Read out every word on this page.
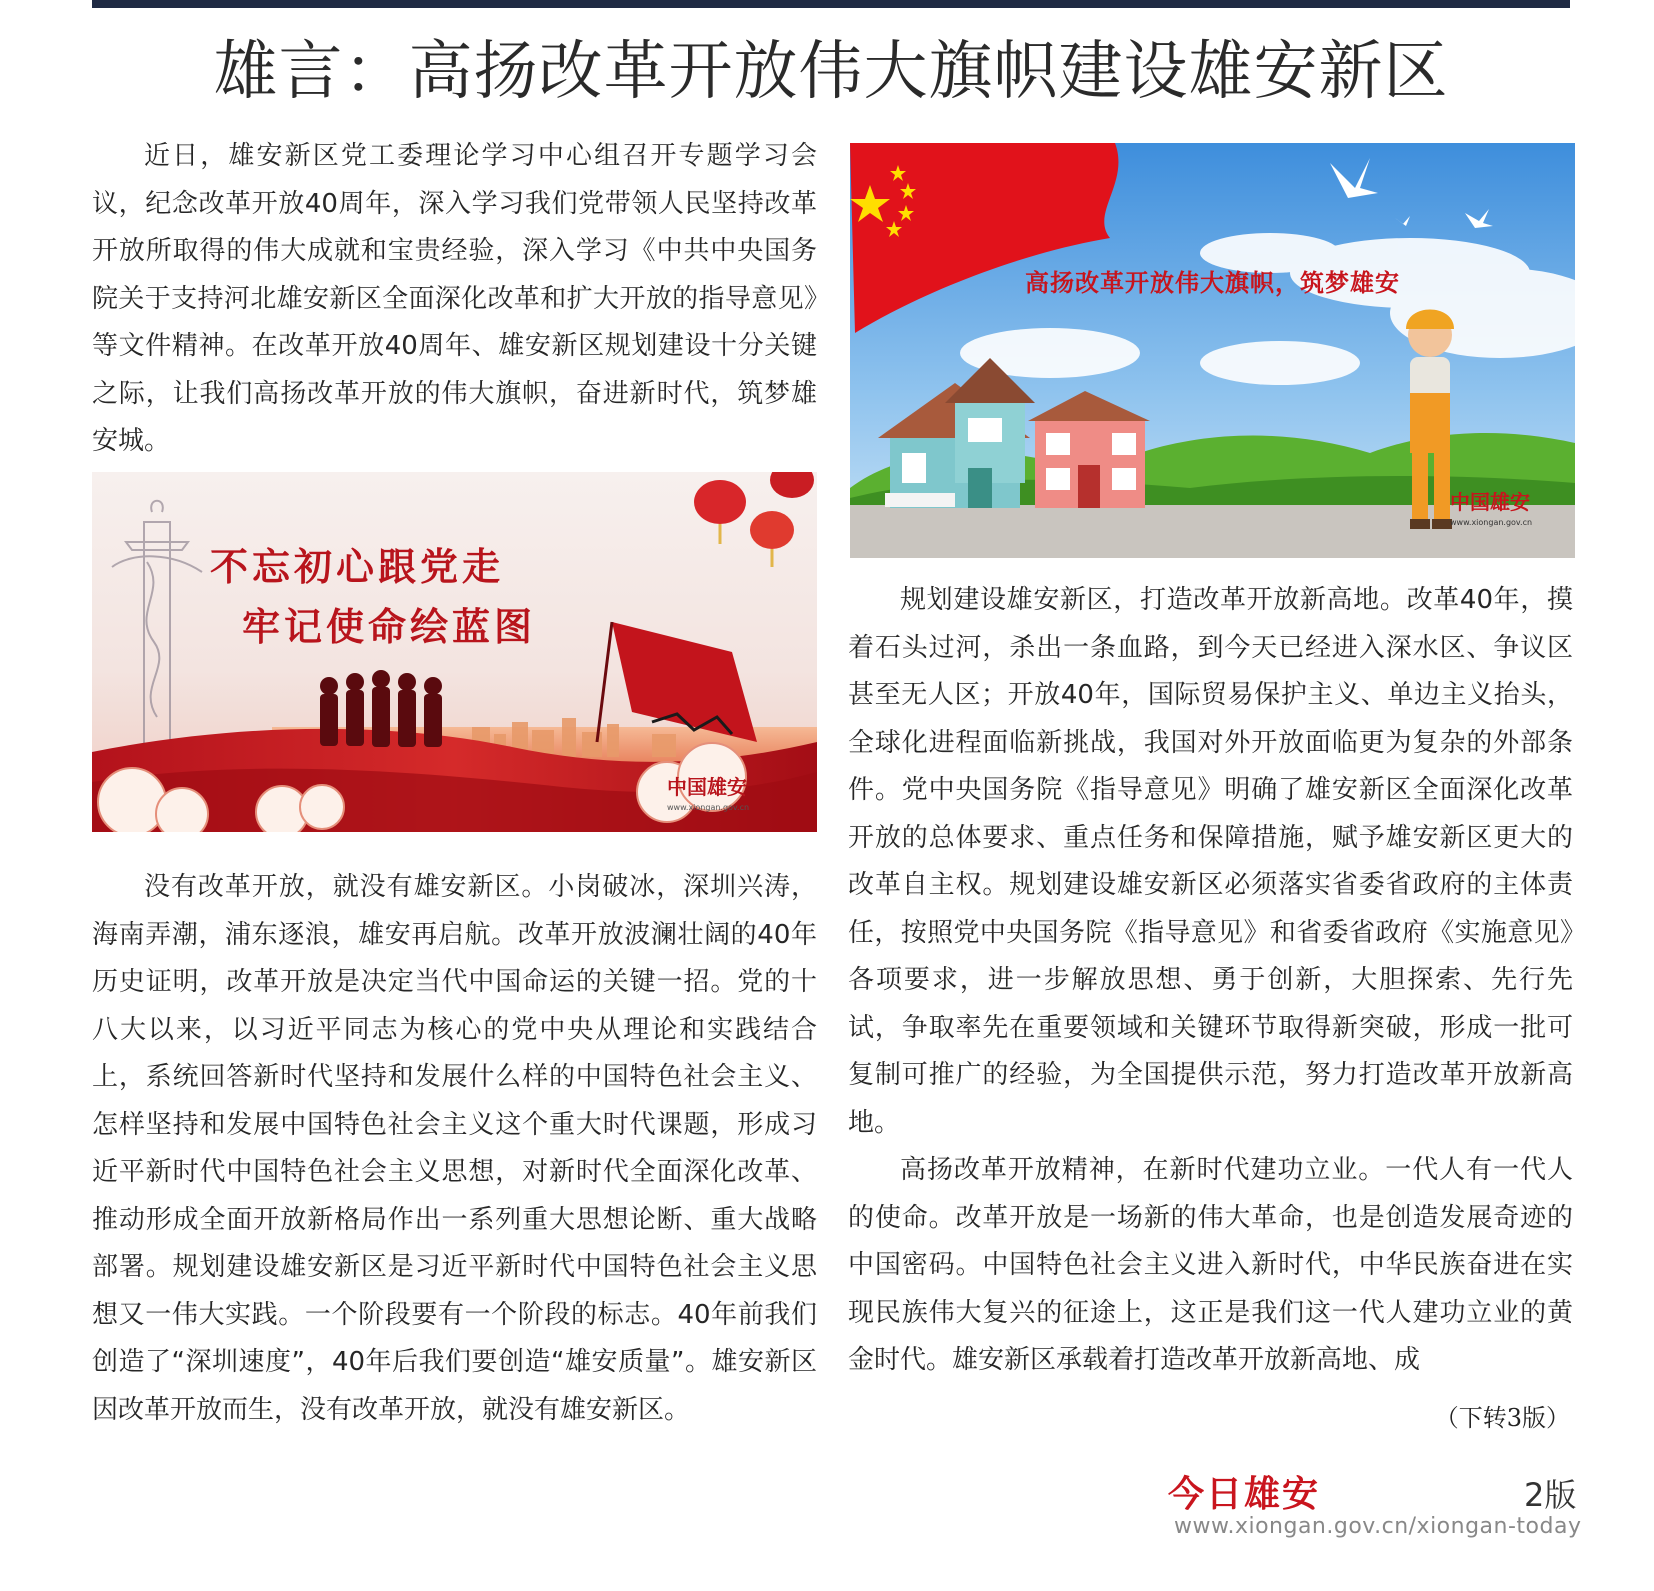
雄言：高扬改革开放伟大旗帜建设雄安新区

近日，雄安新区党工委理论学习中心组召开专题学习会议，纪念改革开放40周年，深入学习我们党带领人民坚持改革开放所取得的伟大成就和宝贵经验，深入学习《中共中央国务院关于支持河北雄安新区全面深化改革和扩大开放的指导意见》等文件精神。在改革开放40周年、雄安新区规划建设十分关键之际，让我们高扬改革开放的伟大旗帜，奋进新时代，筑梦雄安城。

不忘初心跟党走
牢记使命绘蓝图
中国雄安
www.xiongan.gov.cn

没有改革开放，就没有雄安新区。小岗破冰，深圳兴涛，海南弄潮，浦东逐浪，雄安再启航。改革开放波澜壮阔的40年历史证明，改革开放是决定当代中国命运的关键一招。党的十八大以来，以习近平同志为核心的党中央从理论和实践结合上，系统回答新时代坚持和发展什么样的中国特色社会主义、怎样坚持和发展中国特色社会主义这个重大时代课题，形成习近平新时代中国特色社会主义思想，对新时代全面深化改革、推动形成全面开放新格局作出一系列重大思想论断、重大战略部署。规划建设雄安新区是习近平新时代中国特色社会主义思想又一伟大实践。一个阶段要有一个阶段的标志。40年前我们创造了“深圳速度”，40年后我们要创造“雄安质量”。雄安新区因改革开放而生，没有改革开放，就没有雄安新区。

高扬改革开放伟大旗帜，筑梦雄安
中国雄安
www.xiongan.gov.cn

规划建设雄安新区，打造改革开放新高地。改革40年，摸着石头过河，杀出一条血路，到今天已经进入深水区、争议区甚至无人区；开放40年，国际贸易保护主义、单边主义抬头，全球化进程面临新挑战，我国对外开放面临更为复杂的外部条件。党中央国务院《指导意见》明确了雄安新区全面深化改革开放的总体要求、重点任务和保障措施，赋予雄安新区更大的改革自主权。规划建设雄安新区必须落实省委省政府的主体责任，按照党中央国务院《指导意见》和省委省政府《实施意见》各项要求，进一步解放思想、勇于创新，大胆探索、先行先试，争取率先在重要领域和关键环节取得新突破，形成一批可复制可推广的经验，为全国提供示范，努力打造改革开放新高地。

高扬改革开放精神，在新时代建功立业。一代人有一代人的使命。改革开放是一场新的伟大革命，也是创造发展奇迹的中国密码。中国特色社会主义进入新时代，中华民族奋进在实现民族伟大复兴的征途上，这正是我们这一代人建功立业的黄金时代。雄安新区承载着打造改革开放新高地、成

（下转3版）
今日雄安	2版
www.xiongan.gov.cn/xiongan-today
